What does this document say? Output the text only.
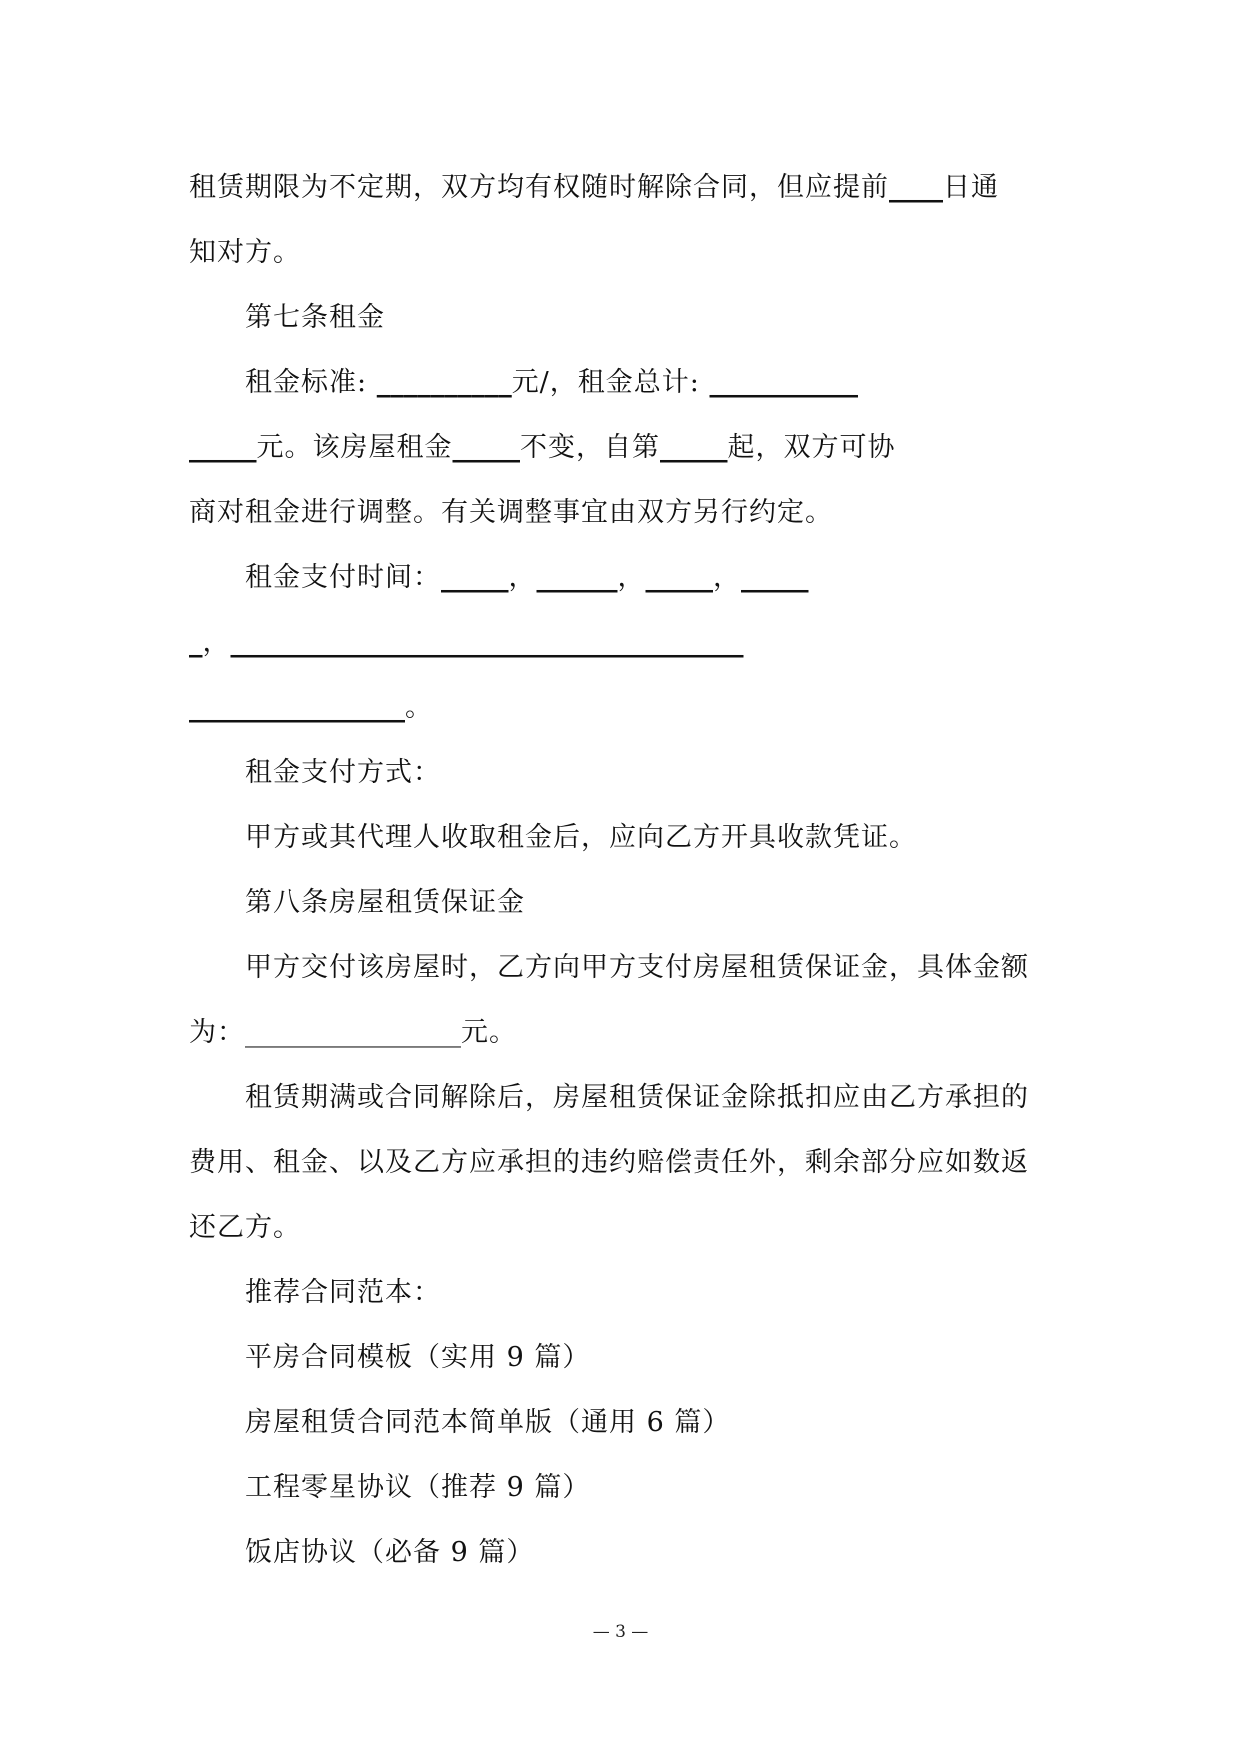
租赁期限为不定期，双方均有权随时解除合同，但应提前____日通
知对方。
第七条租金
租金标准: __________元/，租金总计: ___________
_____元。该房屋租金_____不变，自第_____起，双方可协
商对租金进行调整。有关调整事宜由双方另行约定。
租金支付时间：_____，______，_____，_____
_，______________________________________
________________。
租金支付方式：
甲方或其代理人收取租金后，应向乙方开具收款凭证。
第八条房屋租赁保证金
甲方交付该房屋时，乙方向甲方支付房屋租赁保证金，具体金额
为：________________元。
租赁期满或合同解除后，房屋租赁保证金除抵扣应由乙方承担的
费用、租金、以及乙方应承担的违约赔偿责任外，剩余部分应如数返
还乙方。
推荐合同范本：
平房合同模板（实用 9 篇）
房屋租赁合同范本简单版（通用 6 篇）
工程零星协议（推荐 9 篇）
饭店协议（必备 9 篇）
— 3 —
